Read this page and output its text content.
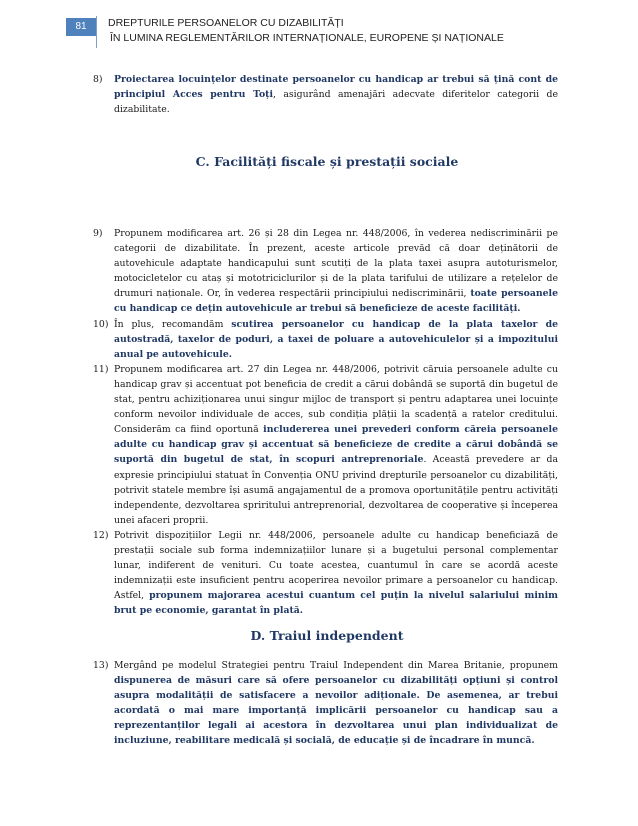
81	DREPTURILE PERSOANELOR CU DIZABILITĂȚI
ÎN LUMINA REGLEMENTĂRILOR INTERNAȚIONALE, EUROPENE ȘI NAȚIONALE

8) Proiectarea locuințelor destinate persoanelor cu handicap ar trebui să țină cont de principiul Acces pentru Toți, asigurând amenajări adecvate diferitelor categorii de dizabilitate.

C. Facilități fiscale și prestații sociale

9) Propunem modificarea art. 26 și 28 din Legea nr. 448/2006, în vederea nediscriminării pe categorii de dizabilitate. În prezent, aceste articole prevăd că doar deținătorii de autovehicule adaptate handicapului sunt scutiți de la plata taxei asupra autoturismelor, motocicletelor cu ataș și mototriciclurilor și de la plata tarifului de utilizare a rețelelor de drumuri naționale. Or, în vederea respectării principiului nediscriminării, toate persoanele cu handicap ce dețin autovehicule ar trebui să beneficieze de aceste facilități.

10) În plus, recomandăm scutirea persoanelor cu handicap de la plata taxelor de autostradă, taxelor de poduri, a taxei de poluare a autovehiculelor și a impozitului anual pe autovehicule.

11) Propunem modificarea art. 27 din Legea nr. 448/2006, potrivit căruia persoanele adulte cu handicap grav și accentuat pot beneficia de credit a cărui dobândă se suportă din bugetul de stat, pentru achiziționarea unui singur mijloc de transport și pentru adaptarea unei locuințe conform nevoilor individuale de acces, sub condiția plății la scadență a ratelor creditului. Considerăm ca fiind oportună includererea unei prevederi conform căreia persoanele adulte cu handicap grav și accentuat să beneficieze de credite a cărui dobândă se suportă din bugetul de stat, în scopuri antreprenoriale. Această prevedere ar da expresie principiului statuat în Convenția ONU privind drepturile persoanelor cu dizabilități, potrivit statele membre își asumă angajamentul de a promova oportunitățile pentru activități independente, dezvoltarea spriritului antreprenorial, dezvoltarea de cooperative și începerea unei afaceri proprii.

12) Potrivit dispozițiilor Legii nr. 448/2006, persoanele adulte cu handicap beneficiază de prestații sociale sub forma indemnizațiilor lunare și a bugetului personal complementar lunar, indiferent de venituri. Cu toate acestea, cuantumul în care se acordă aceste indemnizații este insuficient pentru acoperirea nevoilor primare a persoanelor cu handicap. Astfel, propunem majorarea acestui cuantum cel puțin la nivelul salariului minim brut pe economie, garantat în plată.

D. Traiul independent

13) Mergând pe modelul Strategiei pentru Traiul Independent din Marea Britanie, propunem dispunerea de măsuri care să ofere persoanelor cu dizabilități opțiuni și control asupra modalității de satisfacere a nevoilor adiționale. De asemenea, ar trebui acordată o mai mare importanță implicării persoanelor cu handicap sau a reprezentanților legali ai acestora în dezvoltarea unui plan individualizat de incluziune, reabilitare medicală și socială, de educație și de încadrare în muncă.
